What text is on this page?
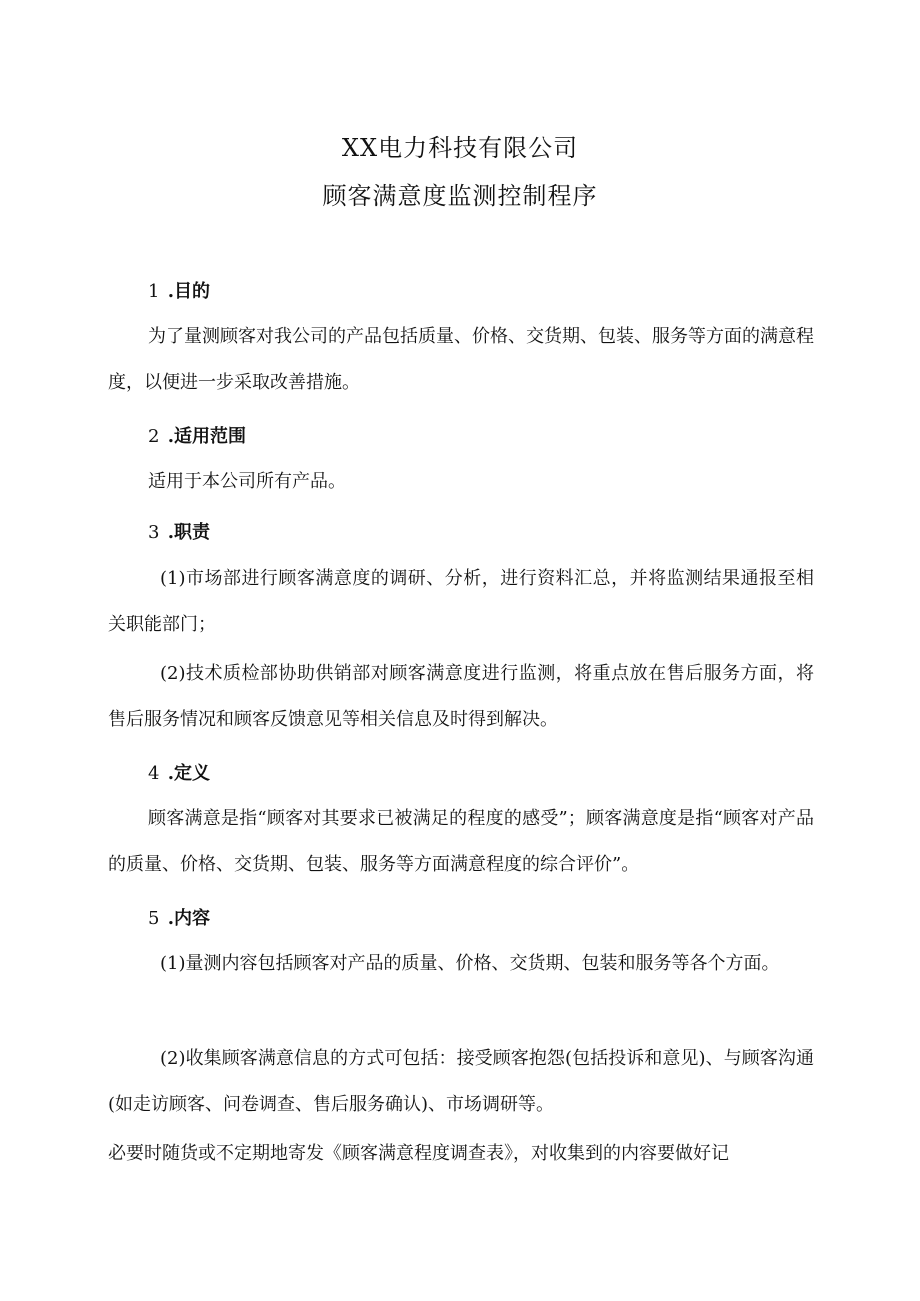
XX电力科技有限公司
顾客满意度监测控制程序
1 .目的

为了量测顾客对我公司的产品包括质量、价格、交货期、包装、服务等方面的满意程度，以便进一步采取改善措施。

2 .适用范围

适用于本公司所有产品。

3 .职责

(1)市场部进行顾客满意度的调研、分析，进行资料汇总，并将监测结果通报至相关职能部门；

(2)技术质检部协助供销部对顾客满意度进行监测，将重点放在售后服务方面，将售后服务情况和顾客反馈意见等相关信息及时得到解决。

4 .定义

顾客满意是指“顾客对其要求已被满足的程度的感受”；顾客满意度是指“顾客对产品的质量、价格、交货期、包装、服务等方面满意程度的综合评价”。

5 .内容

(1)量测内容包括顾客对产品的质量、价格、交货期、包装和服务等各个方面。

(2)收集顾客满意信息的方式可包括：接受顾客抱怨(包括投诉和意见)、与顾客沟通(如走访顾客、问卷调查、售后服务确认)、市场调研等。

必要时随货或不定期地寄发《顾客满意程度调查表》，对收集到的内容要做好记
